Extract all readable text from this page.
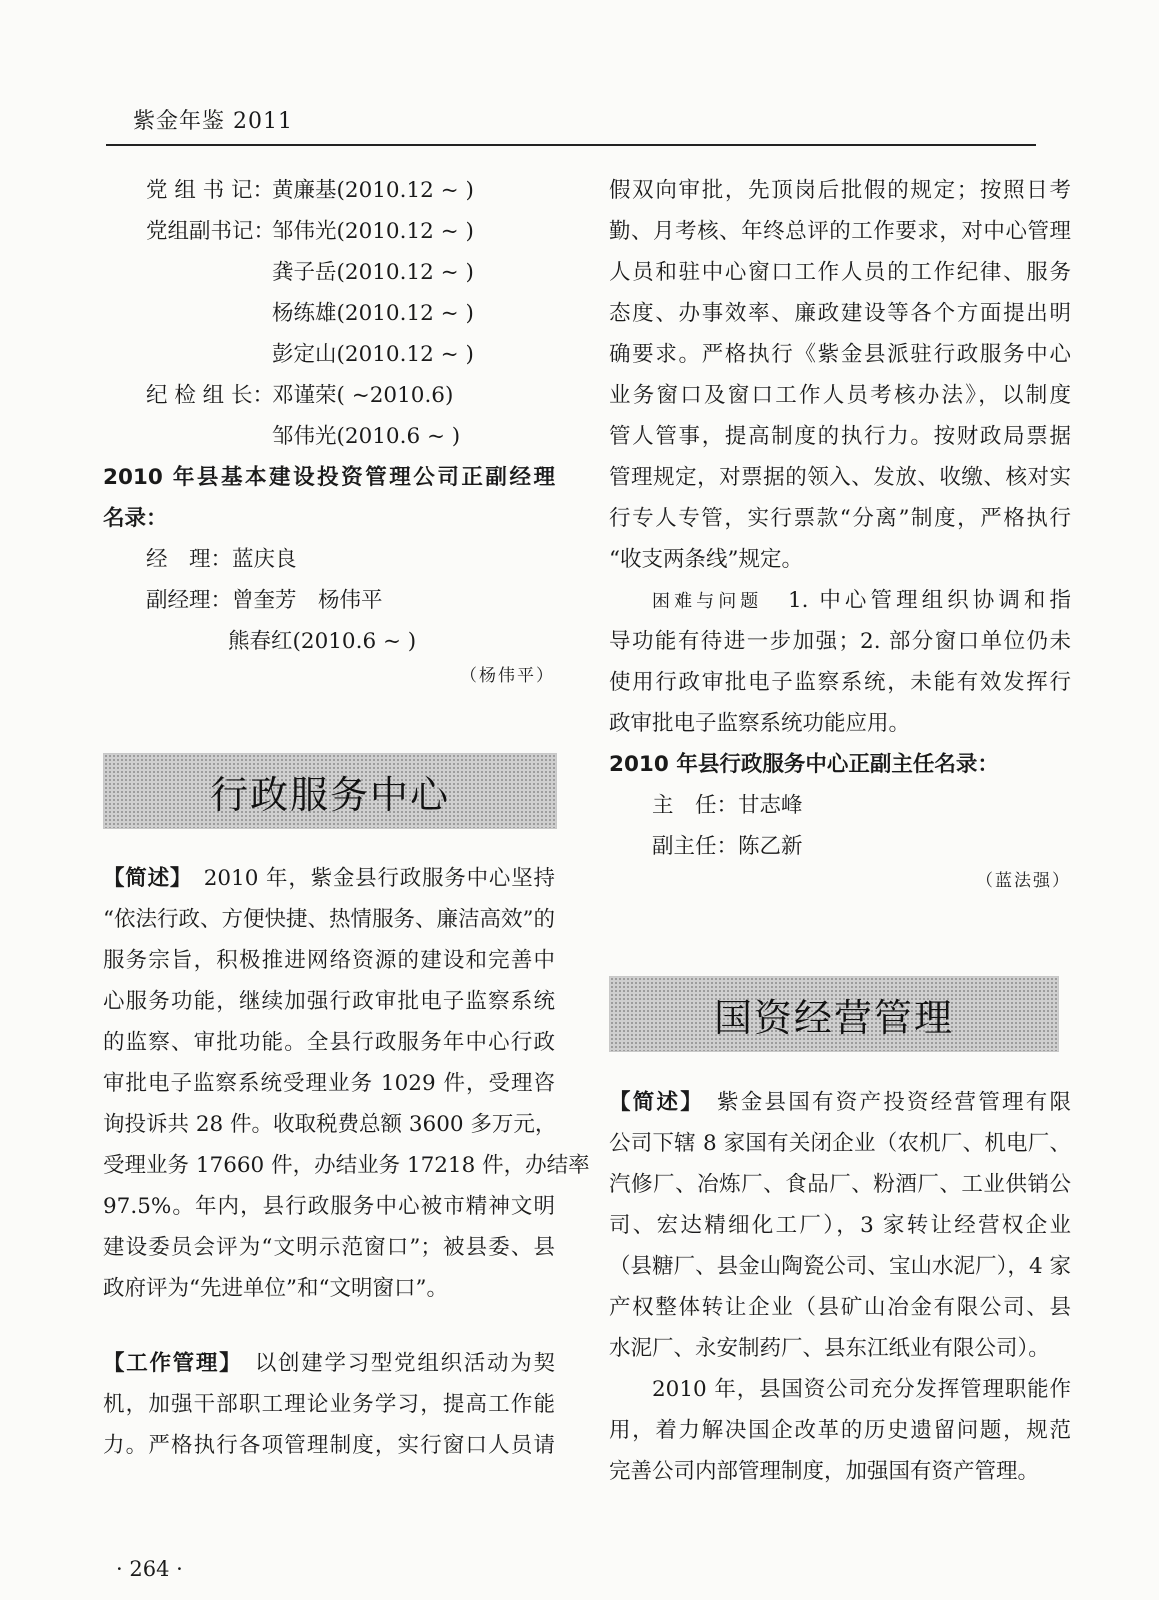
紫金年鉴 2011
党 组 书 记：黄廉基(2010.12 ~ )
党组副书记：邹伟光(2010.12 ~ )
龚子岳(2010.12 ~ )
杨练雄(2010.12 ~ )
彭定山(2010.12 ~ )
纪 检 组 长：邓谨荣( ~2010.6)
邹伟光(2010.6 ~ )
2010 年县基本建设投资管理公司正副经理
名录：
经　理：蓝庆良
副经理：曾奎芳　杨伟平
熊春红(2010.6 ~ )
（杨伟平）
行政服务中心
【简述】　 2010 年，紫金县行政服务中心坚持
“依法行政、方便快捷、热情服务、廉洁高效”的
服务宗旨，积极推进网络资源的建设和完善中
心服务功能，继续加强行政审批电子监察系统
的监察、审批功能。全县行政服务年中心行政
审批电子监察系统受理业务 1029 件，受理咨
询投诉共 28 件。收取税费总额 3600 多万元，
受理业务 17660 件，办结业务 17218 件，办结率
97.5%。年内，县行政服务中心被市精神文明
建设委员会评为“文明示范窗口”；被县委、县
政府评为“先进单位”和“文明窗口”。
【工作管理】　 以创建学习型党组织活动为契
机，加强干部职工理论业务学习，提高工作能
力。严格执行各项管理制度，实行窗口人员请
· 264 ·
假双向审批，先顶岗后批假的规定；按照日考
勤、月考核、年终总评的工作要求，对中心管理
人员和驻中心窗口工作人员的工作纪律、服务
态度、办事效率、廉政建设等各个方面提出明
确要求。严格执行《紫金县派驻行政服务中心
业务窗口及窗口工作人员考核办法》，以制度
管人管事，提高制度的执行力。按财政局票据
管理规定，对票据的领入、发放、收缴、核对实
行专人专管，实行票款“分离”制度，严格执行
“收支两条线”规定。
困难与问题　 1. 中心管理组织协调和指
导功能有待进一步加强；2. 部分窗口单位仍未
使用行政审批电子监察系统，未能有效发挥行
政审批电子监察系统功能应用。
2010 年县行政服务中心正副主任名录：
主　任：甘志峰
副主任：陈乙新
（蓝法强）
国资经营管理
【简述】　 紫金县国有资产投资经营管理有限
公司下辖 8 家国有关闭企业（农机厂、机电厂、
汽修厂、冶炼厂、食品厂、粉酒厂、工业供销公
司、宏达精细化工厂），3 家转让经营权企业
（县糖厂、县金山陶瓷公司、宝山水泥厂），4 家
产权整体转让企业（县矿山冶金有限公司、县
水泥厂、永安制药厂、县东江纸业有限公司）。
2010 年，县国资公司充分发挥管理职能作
用，着力解决国企改革的历史遗留问题，规范
完善公司内部管理制度，加强国有资产管理。
